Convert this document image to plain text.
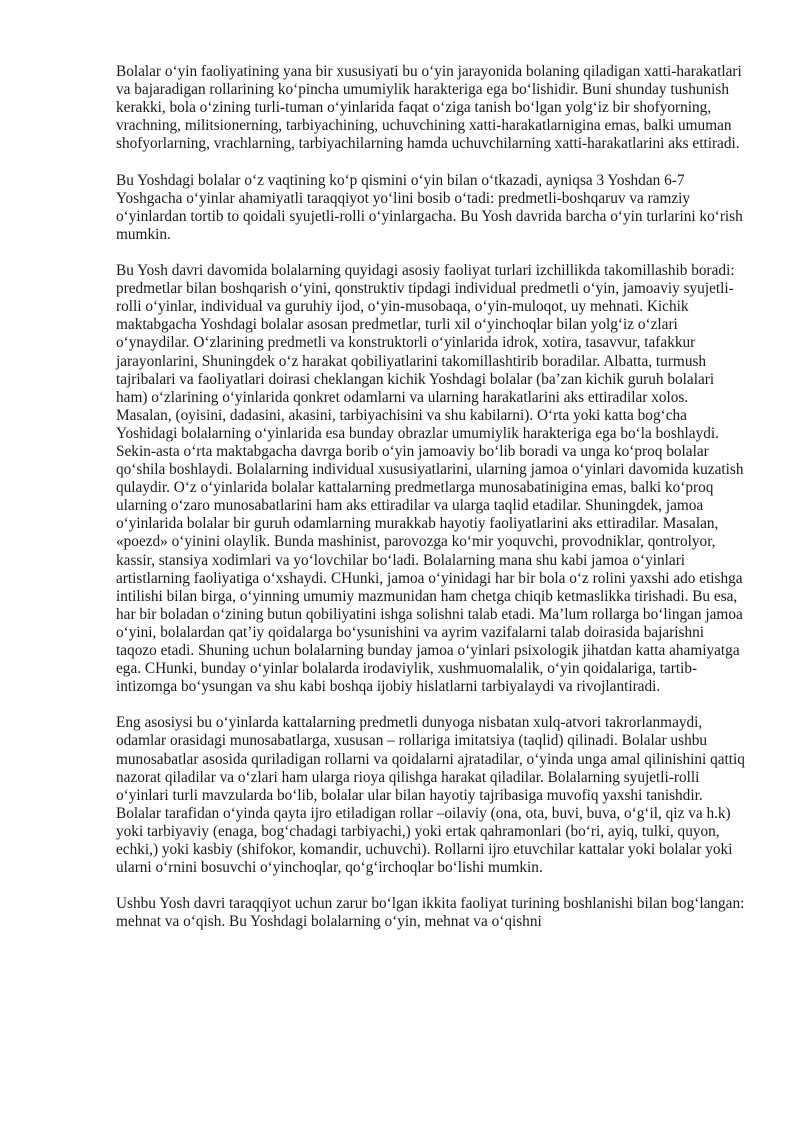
Bolalar o‘yin faoliyatining yana bir xususiyati bu o‘yin jarayonida bolaning qiladigan xatti-harakatlari va bajaradigan rollarining ko‘pincha umumiylik harakteriga ega bo‘lishidir. Buni shunday tushunish kerakki, bola o‘zining turli-tuman o‘yinlarida faqat o‘ziga tanish bo‘lgan yolg‘iz bir shofyorning, vrachning, militsionerning, tarbiyachining, uchuvchining xatti-harakatlarnigina emas, balki umuman shofyorlarning, vrachlarning, tarbiyachilarning hamda uchuvchilarning xatti-harakatlarini aks ettiradi.

Bu Yoshdagi bolalar o‘z vaqtining ko‘p qismini o‘yin bilan o‘tkazadi, ayniqsa 3 Yoshdan 6-7 Yoshgacha o‘yinlar ahamiyatli taraqqiyot yo‘lini bosib o‘tadi: predmetli-boshqaruv va ramziy o‘yinlardan tortib to qoidali syujetli-rolli o‘yinlargacha. Bu Yosh davrida barcha o‘yin turlarini ko‘rish mumkin.

Bu Yosh davri davomida bolalarning quyidagi asosiy faoliyat turlari izchillikda takomillashib boradi: predmetlar bilan boshqarish o‘yini, qonstruktiv tipdagi individual predmetli o‘yin, jamoaviy syujetli-rolli o‘yinlar, individual va guruhiy ijod, o‘yin-musobaqa, o‘yin-muloqot, uy mehnati. Kichik maktabgacha Yoshdagi bolalar asosan predmetlar, turli xil o‘yinchoqlar bilan yolg‘iz o‘zlari o‘ynaydilar. O‘zlarining predmetli va konstruktorli o‘yinlarida idrok, xotira, tasavvur, tafakkur jarayonlarini, Shuningdek o‘z harakat qobiliyatlarini takomillashtirib boradilar. Albatta, turmush tajribalari va faoliyatlari doirasi cheklangan kichik Yoshdagi bolalar (ba’zan kichik guruh bolalari ham) o‘zlarining o‘yinlarida qonkret odamlarni va ularning harakatlarini aks ettiradilar xolos. Masalan, (oyisini, dadasini, akasini, tarbiyachisini va shu kabilarni). O‘rta yoki katta bog‘cha Yoshidagi bolalarning o‘yinlarida esa bunday obrazlar umumiylik harakteriga ega bo‘la boshlaydi. Sekin-asta o‘rta maktabgacha davrga borib o‘yin jamoaviy bo‘lib boradi va unga ko‘proq bolalar qo‘shila boshlaydi. Bolalarning individual xususiyatlarini, ularning jamoa o‘yinlari davomida kuzatish qulaydir. O‘z o‘yinlarida bolalar kattalarning predmetlarga munosabatinigina emas, balki ko‘proq ularning o‘zaro munosabatlarini ham aks ettiradilar va ularga taqlid etadilar. Shuningdek, jamoa o‘yinlarida bolalar bir guruh odamlarning murakkab hayotiy faoliyatlarini aks ettiradilar. Masalan, «poezd» o‘yinini olaylik. Bunda mashinist, parovozga ko‘mir yoquvchi, provodniklar, qontrolyor, kassir, stansiya xodimlari va yo‘lovchilar bo‘ladi. Bolalarning mana shu kabi jamoa o‘yinlari artistlarning faoliyatiga o‘xshaydi. CHunki, jamoa o‘yinidagi har bir bola o‘z rolini yaxshi ado etishga intilishi bilan birga, o‘yinning umumiy mazmunidan ham chetga chiqib ketmaslikka tirishadi. Bu esa, har bir boladan o‘zining butun qobiliyatini ishga solishni talab etadi. Ma’lum rollarga bo‘lingan jamoa o‘yini, bolalardan qat’iy qoidalarga bo‘ysunishini va ayrim vazifalarni talab doirasida bajarishni taqozo etadi. Shuning uchun bolalarning bunday jamoa o‘yinlari psixologik jihatdan katta ahamiyatga ega. CHunki, bunday o‘yinlar bolalarda irodaviylik, xushmuomalalik, o‘yin qoidalariga, tartib-intizomga bo‘ysungan va shu kabi boshqa ijobiy hislatlarni tarbiyalaydi va rivojlantiradi.

Eng asosiysi bu o‘yinlarda kattalarning predmetli dunyoga nisbatan xulq-atvori takrorlanmaydi, odamlar orasidagi munosabatlarga, xususan – rollariga imitatsiya (taqlid) qilinadi. Bolalar ushbu munosabatlar asosida quriladigan rollarni va qoidalarni ajratadilar, o‘yinda unga amal qilinishini qattiq nazorat qiladilar va o‘zlari ham ularga rioya qilishga harakat qiladilar. Bolalarning syujetli-rolli o‘yinlari turli mavzularda bo‘lib, bolalar ular bilan hayotiy tajribasiga muvofiq yaxshi tanishdir. Bolalar tarafidan o‘yinda qayta ijro etiladigan rollar –oilaviy (ona, ota, buvi, buva, o‘g‘il, qiz va h.k) yoki tarbiyaviy (enaga, bog‘chadagi tarbiyachi,) yoki ertak qahramonlari (bo‘ri, ayiq, tulki, quyon, echki,) yoki kasbiy (shifokor, komandir, uchuvchi). Rollarni ijro etuvchilar kattalar yoki bolalar yoki ularni o‘rnini bosuvchi o‘yinchoqlar, qo‘g‘irchoqlar bo‘lishi mumkin.

Ushbu Yosh davri taraqqiyot uchun zarur bo‘lgan ikkita faoliyat turining boshlanishi bilan bog‘langan: mehnat va o‘qish. Bu Yoshdagi bolalarning o‘yin, mehnat va o‘qishni
